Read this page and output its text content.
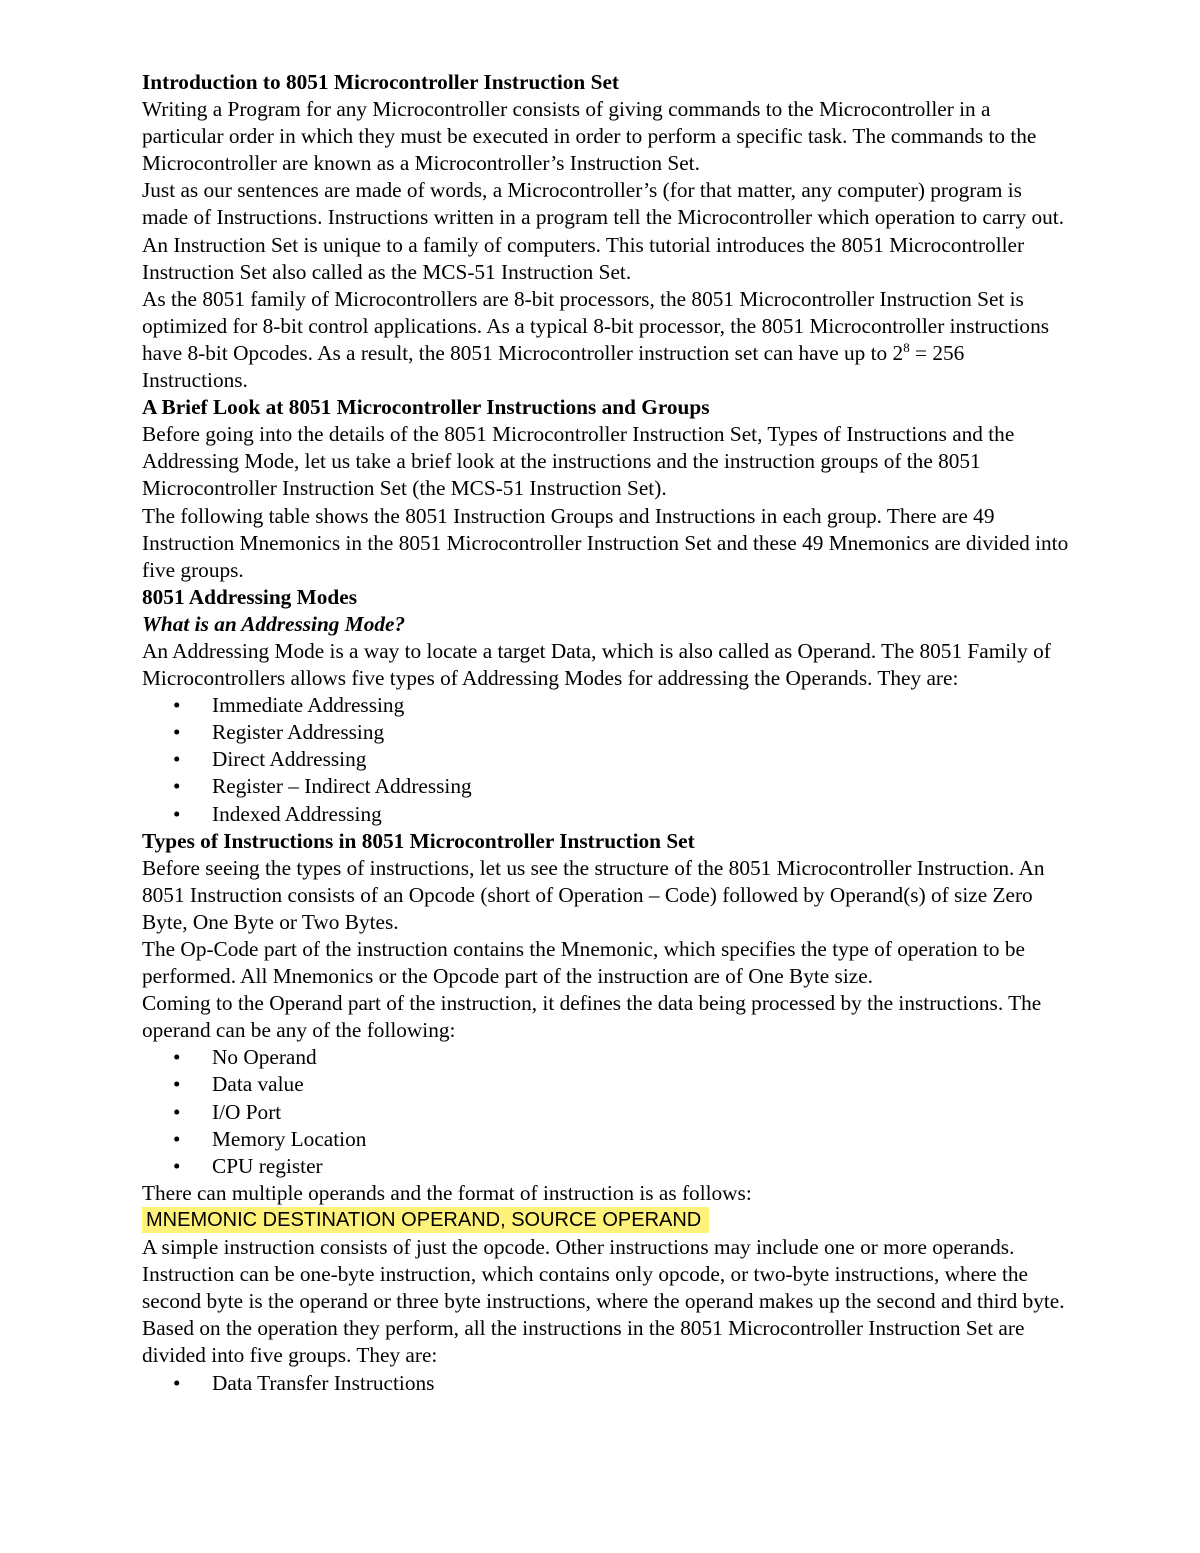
Introduction to 8051 Microcontroller Instruction Set

Writing a Program for any Microcontroller consists of giving commands to the Microcontroller in a particular order in which they must be executed in order to perform a specific task. The commands to the Microcontroller are known as a Microcontroller’s Instruction Set.

Just as our sentences are made of words, a Microcontroller’s (for that matter, any computer) program is made of Instructions. Instructions written in a program tell the Microcontroller which operation to carry out.

An Instruction Set is unique to a family of computers. This tutorial introduces the 8051 Microcontroller Instruction Set also called as the MCS-51 Instruction Set.

As the 8051 family of Microcontrollers are 8-bit processors, the 8051 Microcontroller Instruction Set is optimized for 8-bit control applications. As a typical 8-bit processor, the 8051 Microcontroller instructions have 8-bit Opcodes. As a result, the 8051 Microcontroller instruction set can have up to $2^8 = 256$ Instructions.

A Brief Look at 8051 Microcontroller Instructions and Groups

Before going into the details of the 8051 Microcontroller Instruction Set, Types of Instructions and the Addressing Mode, let us take a brief look at the instructions and the instruction groups of the 8051 Microcontroller Instruction Set (the MCS-51 Instruction Set).

The following table shows the 8051 Instruction Groups and Instructions in each group. There are 49 Instruction Mnemonics in the 8051 Microcontroller Instruction Set and these 49 Mnemonics are divided into five groups.

8051 Addressing Modes

What is an Addressing Mode?

An Addressing Mode is a way to locate a target Data, which is also called as Operand. The 8051 Family of Microcontrollers allows five types of Addressing Modes for addressing the Operands. They are:

• Immediate Addressing
• Register Addressing
• Direct Addressing
• Register – Indirect Addressing
• Indexed Addressing

Types of Instructions in 8051 Microcontroller Instruction Set

Before seeing the types of instructions, let us see the structure of the 8051 Microcontroller Instruction. An 8051 Instruction consists of an Opcode (short of Operation – Code) followed by Operand(s) of size Zero Byte, One Byte or Two Bytes.

The Op-Code part of the instruction contains the Mnemonic, which specifies the type of operation to be performed. All Mnemonics or the Opcode part of the instruction are of One Byte size.

Coming to the Operand part of the instruction, it defines the data being processed by the instructions. The operand can be any of the following:

• No Operand
• Data value
• I/O Port
• Memory Location
• CPU register

There can multiple operands and the format of instruction is as follows:

MNEMONIC DESTINATION OPERAND, SOURCE OPERAND

A simple instruction consists of just the opcode. Other instructions may include one or more operands. Instruction can be one-byte instruction, which contains only opcode, or two-byte instructions, where the second byte is the operand or three byte instructions, where the operand makes up the second and third byte.

Based on the operation they perform, all the instructions in the 8051 Microcontroller Instruction Set are divided into five groups. They are:

• Data Transfer Instructions
